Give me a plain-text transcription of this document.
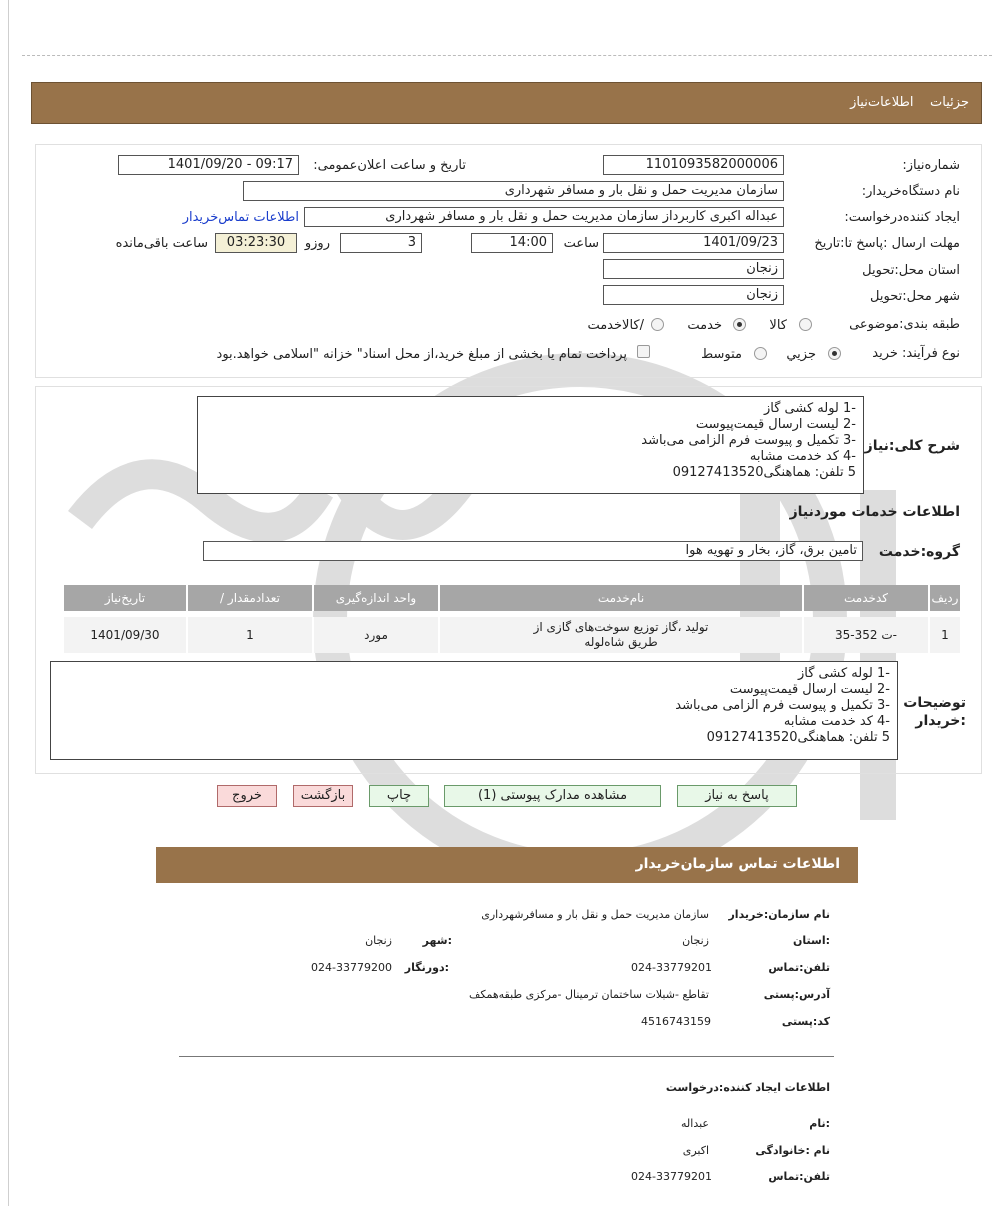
جزئیات    اطلاعات‌نیاز
شماره‌نیاز:
1101093582000006
تاریخ و ساعت اعلان‌عمومی:
1401/09/20 - 09:17
نام دستگاه‌خریدار:
سازمان مدیریت حمل و نقل بار و مسافر شهرداری
ایجاد کننده‌درخواست:
عبداله اکبری کاربرداز سازمان مدیریت حمل و نقل بار و مسافر شهرداری
اطلاعات تماس‌خریدار
مهلت ارسال :پاسخ تا:تاریخ
1401/09/23
ساعت
14:00
3
روزو
03:23:30
ساعت باقی‌مانده
استان محل:تحویل
زنجان
شهر محل:تحویل
زنجان
طبقه بندی:موضوعی
کالا
خدمت
/کالاخدمت
نوع فرآیند: خرید
جزیي
متوسط
پرداخت تمام یا بخشی از مبلغ خرید،از محل اسناد" خزانه "اسلامی خواهد.بود
شرح کلی:نیاز
-1 لوله کشی گاز
-2 لیست ارسال قیمت‌پیوست
-3 تکمیل و پیوست فرم الزامی می‌باشد
-4 کد خدمت مشابه
5 تلفن: هماهنگی09127413520
اطلاعات خدمات موردنیاز
گروه:خدمت
تامین برق، گاز، بخار و تهویه هوا
ردیف
کدخدمت
نام‌خدمت
واحد اندازه‌گیری
/ تعدادمقدار
تاریخ‌نیاز
1
ت 352-35-
تولید ،گاز توزیع سوخت‌های گازی از
طریق شاه‌لوله
مورد
1
1401/09/30
توضیحات
:خریدار
-1 لوله کشی گاز
-2 لیست ارسال قیمت‌پیوست
-3 تکمیل و پیوست فرم الزامی می‌باشد
-4 کد خدمت مشابه
5 تلفن: هماهنگی09127413520
پاسخ به نیاز
مشاهده مدارک پیوستی (1)
چاپ
بازگشت
خروج
اطلاعات تماس سازمان‌خریدار
نام سازمان:خریدار
سازمان مدیریت حمل و نقل بار و مسافرشهرداری
:استان
زنجان
:شهر
زنجان
تلفن:تماس
024-33779201
:دورنگار
024-33779200
آدرس:پستی
تقاطع -شبلات ساختمان ترمینال -مرکزی طبقه‌همکف
کد:پستی
4516743159
اطلاعات ایجاد کننده:درخواست
:نام
عبداله
نام :خانوادگی
اکبری
تلفن:تماس
024-33779201
